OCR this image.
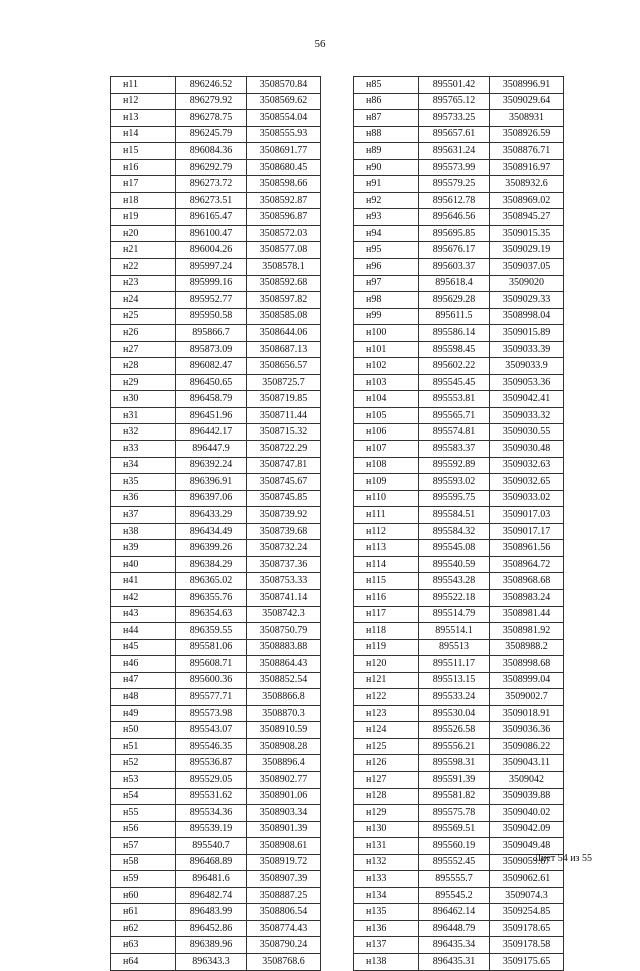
56
н11	896246.52	3508570.84
н12	896279.92	3508569.62
н13	896278.75	3508554.04
н14	896245.79	3508555.93
н15	896084.36	3508691.77
н16	896292.79	3508680.45
н17	896273.72	3508598.66
н18	896273.51	3508592.87
н19	896165.47	3508596.87
н20	896100.47	3508572.03
н21	896004.26	3508577.08
н22	895997.24	3508578.1
н23	895999.16	3508592.68
н24	895952.77	3508597.82
н25	895950.58	3508585.08
н26	895866.7	3508644.06
н27	895873.09	3508687.13
н28	896082.47	3508656.57
н29	896450.65	3508725.7
н30	896458.79	3508719.85
н31	896451.96	3508711.44
н32	896442.17	3508715.32
н33	896447.9	3508722.29
н34	896392.24	3508747.81
н35	896396.91	3508745.67
н36	896397.06	3508745.85
н37	896433.29	3508739.92
н38	896434.49	3508739.68
н39	896399.26	3508732.24
н40	896384.29	3508737.36
н41	896365.02	3508753.33
н42	896355.76	3508741.14
н43	896354.63	3508742.3
н44	896359.55	3508750.79
н45	895581.06	3508883.88
н46	895608.71	3508864.43
н47	895600.36	3508852.54
н48	895577.71	3508866.8
н49	895573.98	3508870.3
н50	895543.07	3508910.59
н51	895546.35	3508908.28
н52	895536.87	3508896.4
н53	895529.05	3508902.77
н54	895531.62	3508901.06
н55	895534.36	3508903.34
н56	895539.19	3508901.39
н57	895540.7	3508908.61
н58	896468.89	3508919.72
н59	896481.6	3508907.39
н60	896482.74	3508887.25
н61	896483.99	3508806.54
н62	896452.86	3508774.43
н63	896389.96	3508790.24
н64	896343.3	3508768.6
н85	895501.42	3508996.91
н86	895765.12	3509029.64
н87	895733.25	3508931
н88	895657.61	3508926.59
н89	895631.24	3508876.71
н90	895573.99	3508916.97
н91	895579.25	3508932.6
н92	895612.78	3508969.02
н93	895646.56	3508945.27
н94	895695.85	3509015.35
н95	895676.17	3509029.19
н96	895603.37	3509037.05
н97	895618.4	3509020
н98	895629.28	3509029.33
н99	895611.5	3508998.04
н100	895586.14	3509015.89
н101	895598.45	3509033.39
н102	895602.22	3509033.9
н103	895545.45	3509053.36
н104	895553.81	3509042.41
н105	895565.71	3509033.32
н106	895574.81	3509030.55
н107	895583.37	3509030.48
н108	895592.89	3509032.63
н109	895593.02	3509032.65
н110	895595.75	3509033.02
н111	895584.51	3509017.03
н112	895584.32	3509017.17
н113	895545.08	3508961.56
н114	895540.59	3508964.72
н115	895543.28	3508968.68
н116	895522.18	3508983.24
н117	895514.79	3508981.44
н118	895514.1	3508981.92
н119	895513	3508988.2
н120	895511.17	3508998.68
н121	895513.15	3508999.04
н122	895533.24	3509002.7
н123	895530.04	3509018.91
н124	895526.58	3509036.36
н125	895556.21	3509086.22
н126	895598.31	3509043.11
н127	895591.39	3509042
н128	895581.82	3509039.88
н129	895575.78	3509040.02
н130	895569.51	3509042.09
н131	895560.19	3509049.48
н132	895552.45	3509059.67
н133	895555.7	3509062.61
н134	895545.2	3509074.3
н135	896462.14	3509254.85
н136	896448.79	3509178.65
н137	896435.34	3509178.58
н138	896435.31	3509175.65
Лист 54 из 55
